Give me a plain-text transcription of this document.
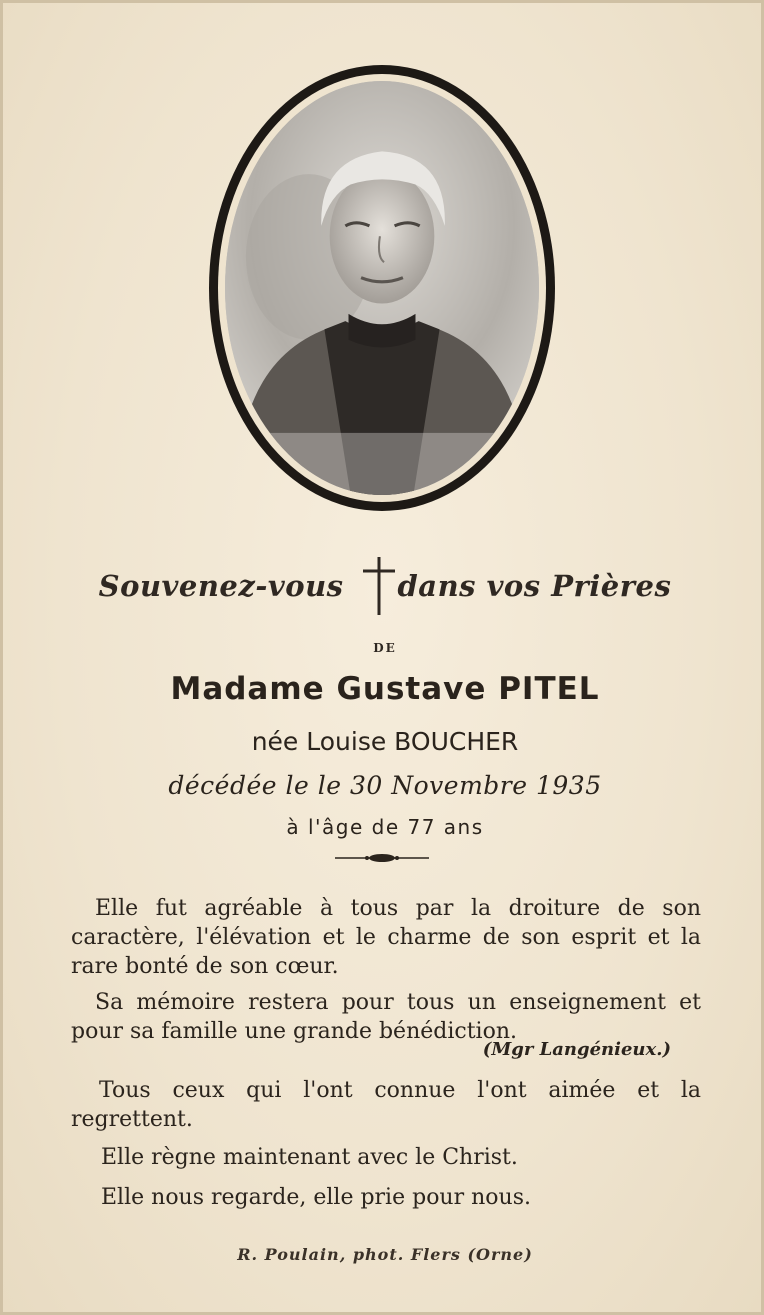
Souvenez-vous dans vos Prières
DE
Madame Gustave PITEL
née Louise BOUCHER
décédée le le 30 Novembre 1935
à l'âge de 77 ans
Elle fut agréable à tous par la droiture de son caractère, l'élévation et le charme de son esprit et la rare bonté de son cœur.
Sa mémoire restera pour tous un enseignement et pour sa famille une grande bénédiction.
(Mgr Langénieux.)
Tous ceux qui l'ont connue l'ont aimée et la regrettent.
Elle règne maintenant avec le Christ.
Elle nous regarde, elle prie pour nous.
R. Poulain, phot. Flers (Orne)
